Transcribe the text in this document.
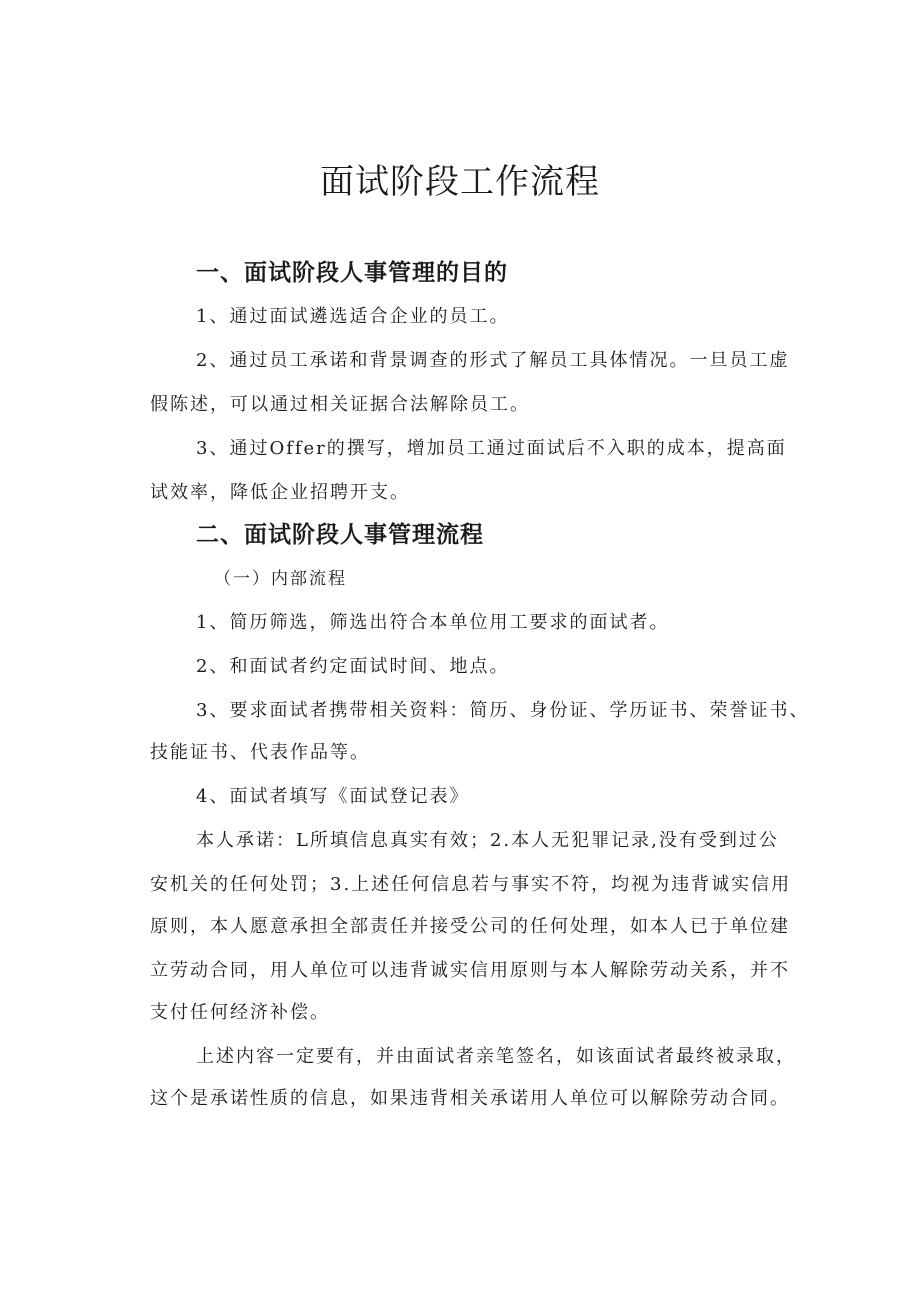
面试阶段工作流程
一、面试阶段人事管理的目的
1、通过面试遴选适合企业的员工。
2、通过员工承诺和背景调查的形式了解员工具体情况。一旦员工虚
假陈述，可以通过相关证据合法解除员工。
3、通过Offer的撰写，增加员工通过面试后不入职的成本，提高面
试效率，降低企业招聘开支。
二、面试阶段人事管理流程
（一）内部流程
1、简历筛选，筛选出符合本单位用工要求的面试者。
2、和面试者约定面试时间、地点。
3、要求面试者携带相关资料：简历、身份证、学历证书、荣誉证书、
技能证书、代表作品等。
4、面试者填写《面试登记表》
本人承诺：L所填信息真实有效；2.本人无犯罪记录,没有受到过公
安机关的任何处罚；3.上述任何信息若与事实不符，均视为违背诚实信用
原则，本人愿意承担全部责任并接受公司的任何处理，如本人已于单位建
立劳动合同，用人单位可以违背诚实信用原则与本人解除劳动关系，并不
支付任何经济补偿。
上述内容一定要有，并由面试者亲笔签名，如该面试者最终被录取，
这个是承诺性质的信息，如果违背相关承诺用人单位可以解除劳动合同。
